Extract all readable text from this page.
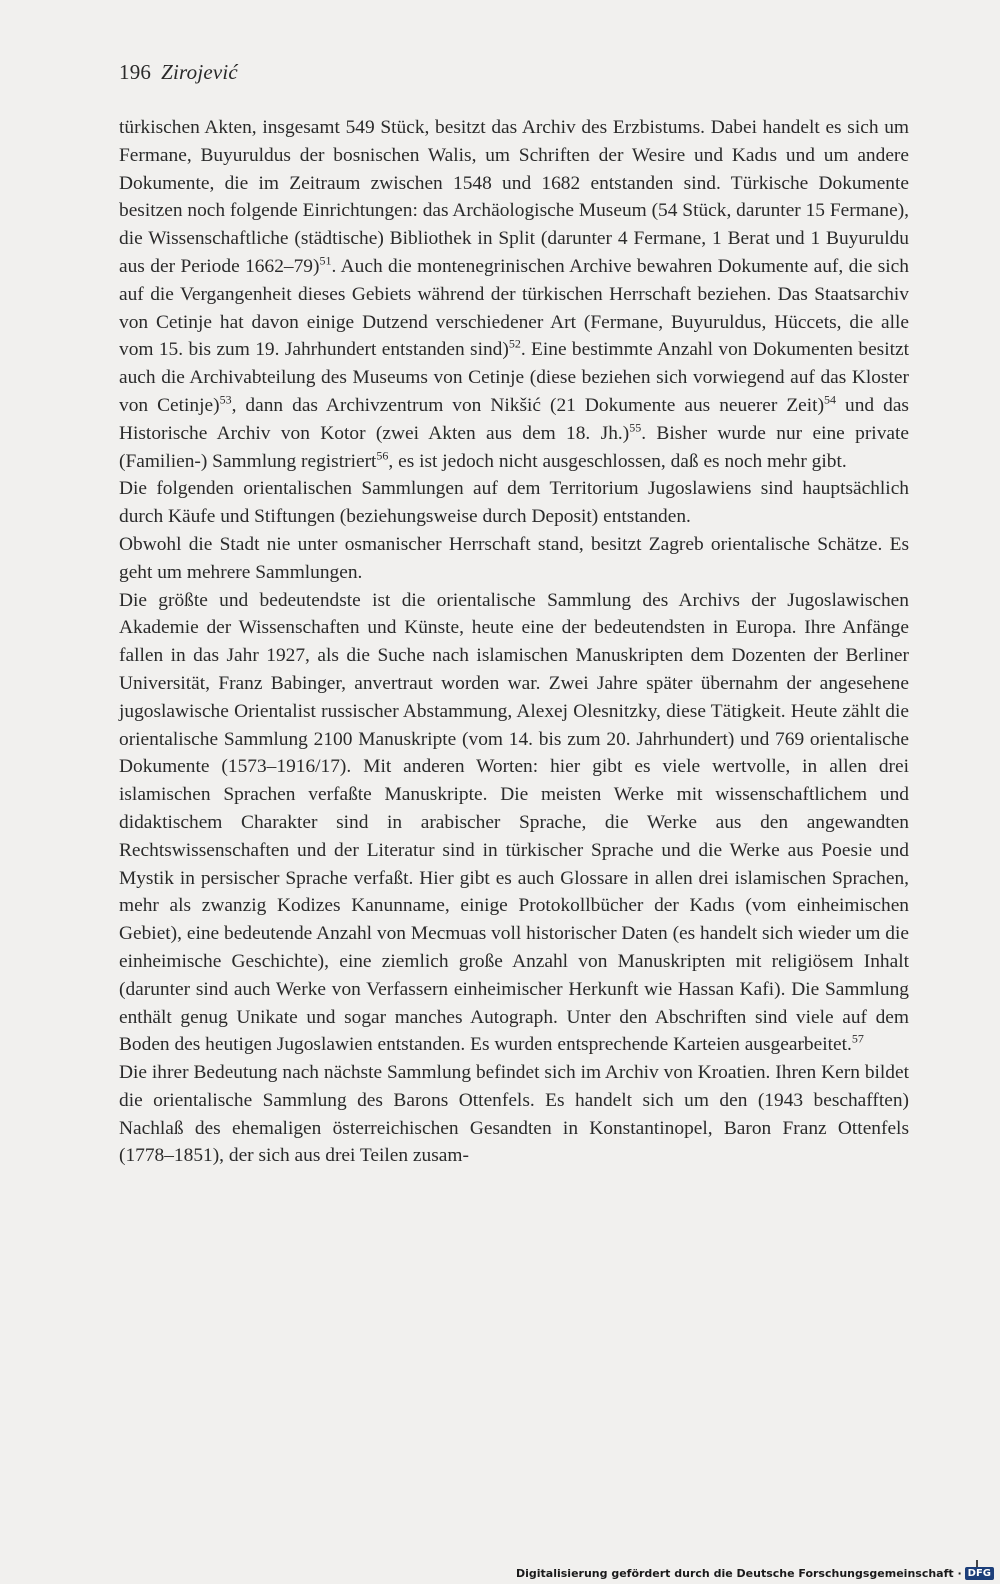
196 Zirojević

türkischen Akten, insgesamt 549 Stück, besitzt das Archiv des Erzbistums. Dabei handelt es sich um Fermane, Buyuruldus der bosnischen Walis, um Schriften der Wesire und Kadıs und um andere Dokumente, die im Zeitraum zwischen 1548 und 1682 entstanden sind. Türkische Dokumente besitzen noch folgende Einrichtungen: das Archäologische Museum (54 Stück, darunter 15 Fermane), die Wissenschaftliche (städtische) Bibliothek in Split (darunter 4 Fermane, 1 Berat und 1 Buyuruldu aus der Periode 1662–79)$^{51}$. Auch die montenegrinischen Archive bewahren Dokumente auf, die sich auf die Vergangenheit dieses Gebiets während der türkischen Herrschaft beziehen. Das Staatsarchiv von Cetinje hat davon einige Dutzend verschiedener Art (Fermane, Buyuruldus, Hüccets, die alle vom 15. bis zum 19. Jahrhundert entstanden sind)$^{52}$. Eine bestimmte Anzahl von Dokumenten besitzt auch die Archivabteilung des Museums von Cetinje (diese beziehen sich vorwiegend auf das Kloster von Cetinje)$^{53}$, dann das Archivzentrum von Nikšić (21 Dokumente aus neuerer Zeit)$^{54}$ und das Historische Archiv von Kotor (zwei Akten aus dem 18. Jh.)$^{55}$. Bisher wurde nur eine private (Familien-) Sammlung registriert$^{56}$, es ist jedoch nicht ausgeschlossen, daß es noch mehr gibt.

Die folgenden orientalischen Sammlungen auf dem Territorium Jugoslawiens sind hauptsächlich durch Käufe und Stiftungen (beziehungsweise durch Deposit) entstanden.

Obwohl die Stadt nie unter osmanischer Herrschaft stand, besitzt Zagreb orientalische Schätze. Es geht um mehrere Sammlungen.

Die größte und bedeutendste ist die orientalische Sammlung des Archivs der Jugoslawischen Akademie der Wissenschaften und Künste, heute eine der bedeutendsten in Europa. Ihre Anfänge fallen in das Jahr 1927, als die Suche nach islamischen Manuskripten dem Dozenten der Berliner Universität, Franz Babinger, anvertraut worden war. Zwei Jahre später übernahm der angesehene jugoslawische Orientalist russischer Abstammung, Alexej Olesnitzky, diese Tätigkeit. Heute zählt die orientalische Sammlung 2100 Manuskripte (vom 14. bis zum 20. Jahrhundert) und 769 orientalische Dokumente (1573–1916/17). Mit anderen Worten: hier gibt es viele wertvolle, in allen drei islamischen Sprachen verfaßte Manuskripte. Die meisten Werke mit wissenschaftlichem und didaktischem Charakter sind in arabischer Sprache, die Werke aus den angewandten Rechtswissenschaften und der Literatur sind in türkischer Sprache und die Werke aus Poesie und Mystik in persischer Sprache verfaßt. Hier gibt es auch Glossare in allen drei islamischen Sprachen, mehr als zwanzig Kodizes Kanunname, einige Protokollbücher der Kadıs (vom einheimischen Gebiet), eine bedeutende Anzahl von Mecmuas voll historischer Daten (es handelt sich wieder um die einheimische Geschichte), eine ziemlich große Anzahl von Manuskripten mit religiösem Inhalt (darunter sind auch Werke von Verfassern einheimischer Herkunft wie Hassan Kafi). Die Sammlung enthält genug Unikate und sogar manches Autograph. Unter den Abschriften sind viele auf dem Boden des heutigen Jugoslawien entstanden. Es wurden entsprechende Karteien ausgearbeitet.$^{57}$

Die ihrer Bedeutung nach nächste Sammlung befindet sich im Archiv von Kroatien. Ihren Kern bildet die orientalische Sammlung des Barons Ottenfels. Es handelt sich um den (1943 beschafften) Nachlaß des ehemaligen österreichischen Gesandten in Konstantinopel, Baron Franz Ottenfels (1778–1851), der sich aus drei Teilen zusam-

Digitalisierung gefördert durch die Deutsche Forschungsgemeinschaft · DFG
